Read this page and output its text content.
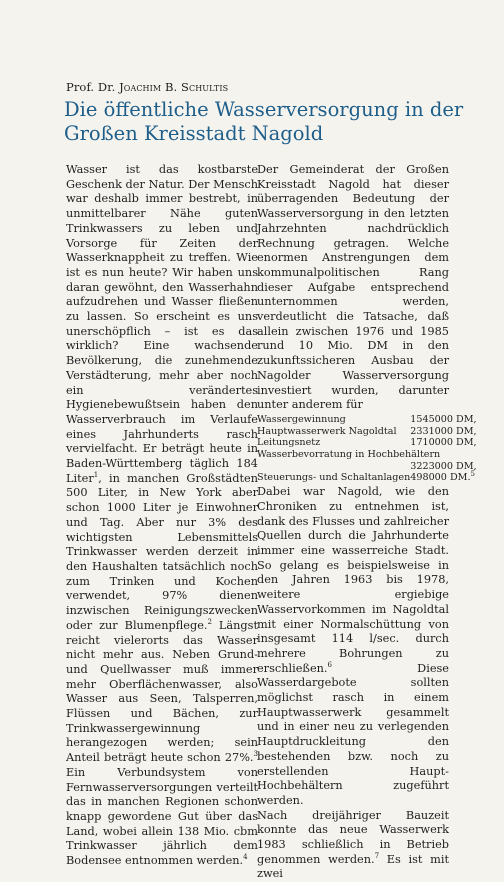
Prof. Dr. Joachim B. Schultis
Die öffentliche Wasserversorgung in der Großen Kreisstadt Nagold

Wasser ist das kostbarste Geschenk der Natur. Der Mensch war deshalb immer bestrebt, in unmittelbarer Nähe guten Trinkwassers zu leben und Vorsorge für Zeiten der Wasserknappheit zu treffen. Wie ist es nun heute? Wir haben uns daran gewöhnt, den Wasserhahn aufzudrehen und Wasser fließen zu lassen. So erscheint es uns unerschöpflich – ist es das wirklich? Eine wachsende Bevölkerung, die zunehmende Verstädterung, mehr aber noch ein verändertes Hygienebewußtsein haben den Wasserverbrauch im Verlaufe eines Jahrhunderts rasch vervielfacht. Er beträgt heute in Baden-Württemberg täglich 184 Liter$^1$, in manchen Großstädten 500 Liter, in New York aber schon 1000 Liter je Einwohner und Tag. Aber nur 3% des wichtigsten Lebensmittels Trinkwasser werden derzeit in den Haushalten tatsächlich noch zum Trinken und Kochen verwendet, 97% dienen inzwischen Reinigungszwecken oder zur Blumenpflege.$^2$ Längst reicht vielerorts das Wasser nicht mehr aus. Neben Grund- und Quellwasser muß immer mehr Oberflächenwasser, also Wasser aus Seen, Talsperren, Flüssen und Bächen, zur Trinkwassergewinnung herangezogen werden; sein Anteil beträgt heute schon 27%.$^3$ Ein Verbundsystem von Fernwasserversorgungen verteilt das in manchen Regionen schon knapp gewordene Gut über das Land, wobei allein 138 Mio. cbm Trinkwasser jährlich dem Bodensee entnommen werden.$^4$

Der Gemeinderat der Großen Kreisstadt Nagold hat dieser überragenden Bedeutung der Wasserversorgung in den letzten Jahrzehnten nachdrücklich Rechnung getragen. Welche enormen Anstrengungen dem kommunalpolitischen Rang dieser Aufgabe entsprechend unternommen werden, verdeutlicht die Tatsache, daß allein zwischen 1976 und 1985 rund 10 Mio. DM in den zukunftssicheren Ausbau der Nagolder Wasserversorgung investiert wurden, darunter unter anderem für

Wassergewinnung	1545000 DM,
Hauptwasserwerk Nagoldtal	2331000 DM,
Leitungsnetz	1710000 DM,
Wasserbevorratung in Hochbehältern	
	3223000 DM,
Steuerungs- und Schaltanlagen	498000 DM.$^5$

Dabei war Nagold, wie den Chroniken zu entnehmen ist, dank des Flusses und zahlreicher Quellen durch die Jahrhunderte immer eine wasserreiche Stadt. So gelang es beispielsweise in den Jahren 1963 bis 1978, weitere ergiebige Wasservorkommen im Nagoldtal mit einer Normalschüttung von insgesamt 114 l/sec. durch mehrere Bohrungen zu erschließen.$^6$ Diese Wasserdargebote sollten möglichst rasch in einem Hauptwasserwerk gesammelt und in einer neu zu verlegenden Hauptdruckleitung den bestehenden bzw. noch zu erstellenden Haupt-Hochbehältern zugeführt werden.

Nach dreijähriger Bauzeit konnte das neue Wasserwerk 1983 schließlich in Betrieb genommen werden.$^7$ Es ist mit zwei
